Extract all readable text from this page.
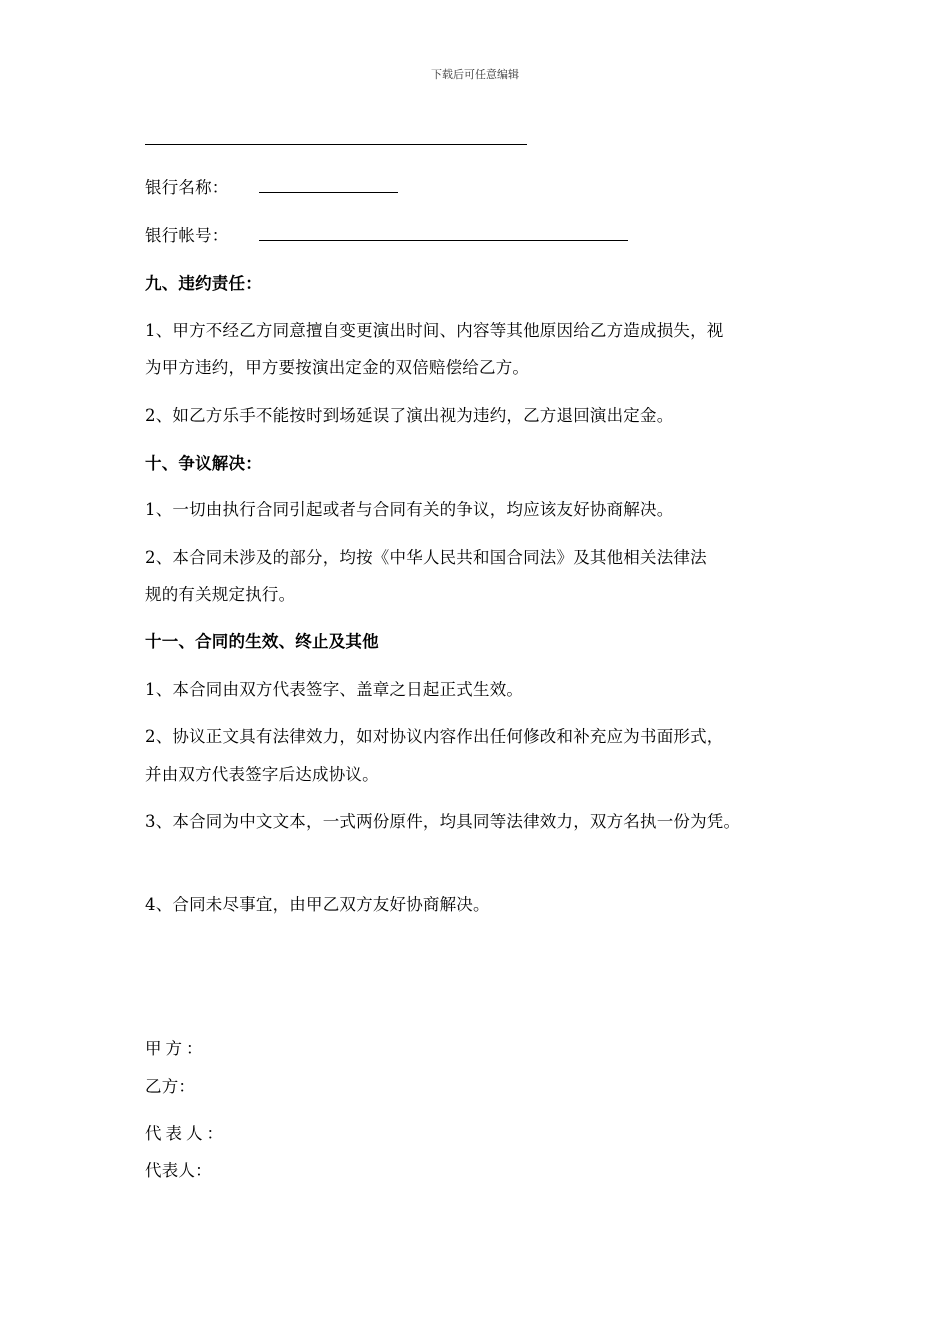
下载后可任意编辑

银行名称：

银行帐号：

九、违约责任：

1、甲方不经乙方同意擅自变更演出时间、内容等其他原因给乙方造成损失，视

为甲方违约，甲方要按演出定金的双倍赔偿给乙方。

2、如乙方乐手不能按时到场延误了演出视为违约，乙方退回演出定金。

十、争议解决：

1、一切由执行合同引起或者与合同有关的争议，均应该友好协商解决。

2、本合同未涉及的部分，均按《中华人民共和国合同法》及其他相关法律法

规的有关规定执行。

十一、合同的生效、终止及其他

1、本合同由双方代表签字、盖章之日起正式生效。

2、协议正文具有法律效力，如对协议内容作出任何修改和补充应为书面形式，

并由双方代表签字后达成协议。

3、本合同为中文文本，一式两份原件，均具同等法律效力，双方名执一份为凭。

4、合同未尽事宜，由甲乙双方友好协商解决。

甲方：

乙方：

代表人：

代表人：
